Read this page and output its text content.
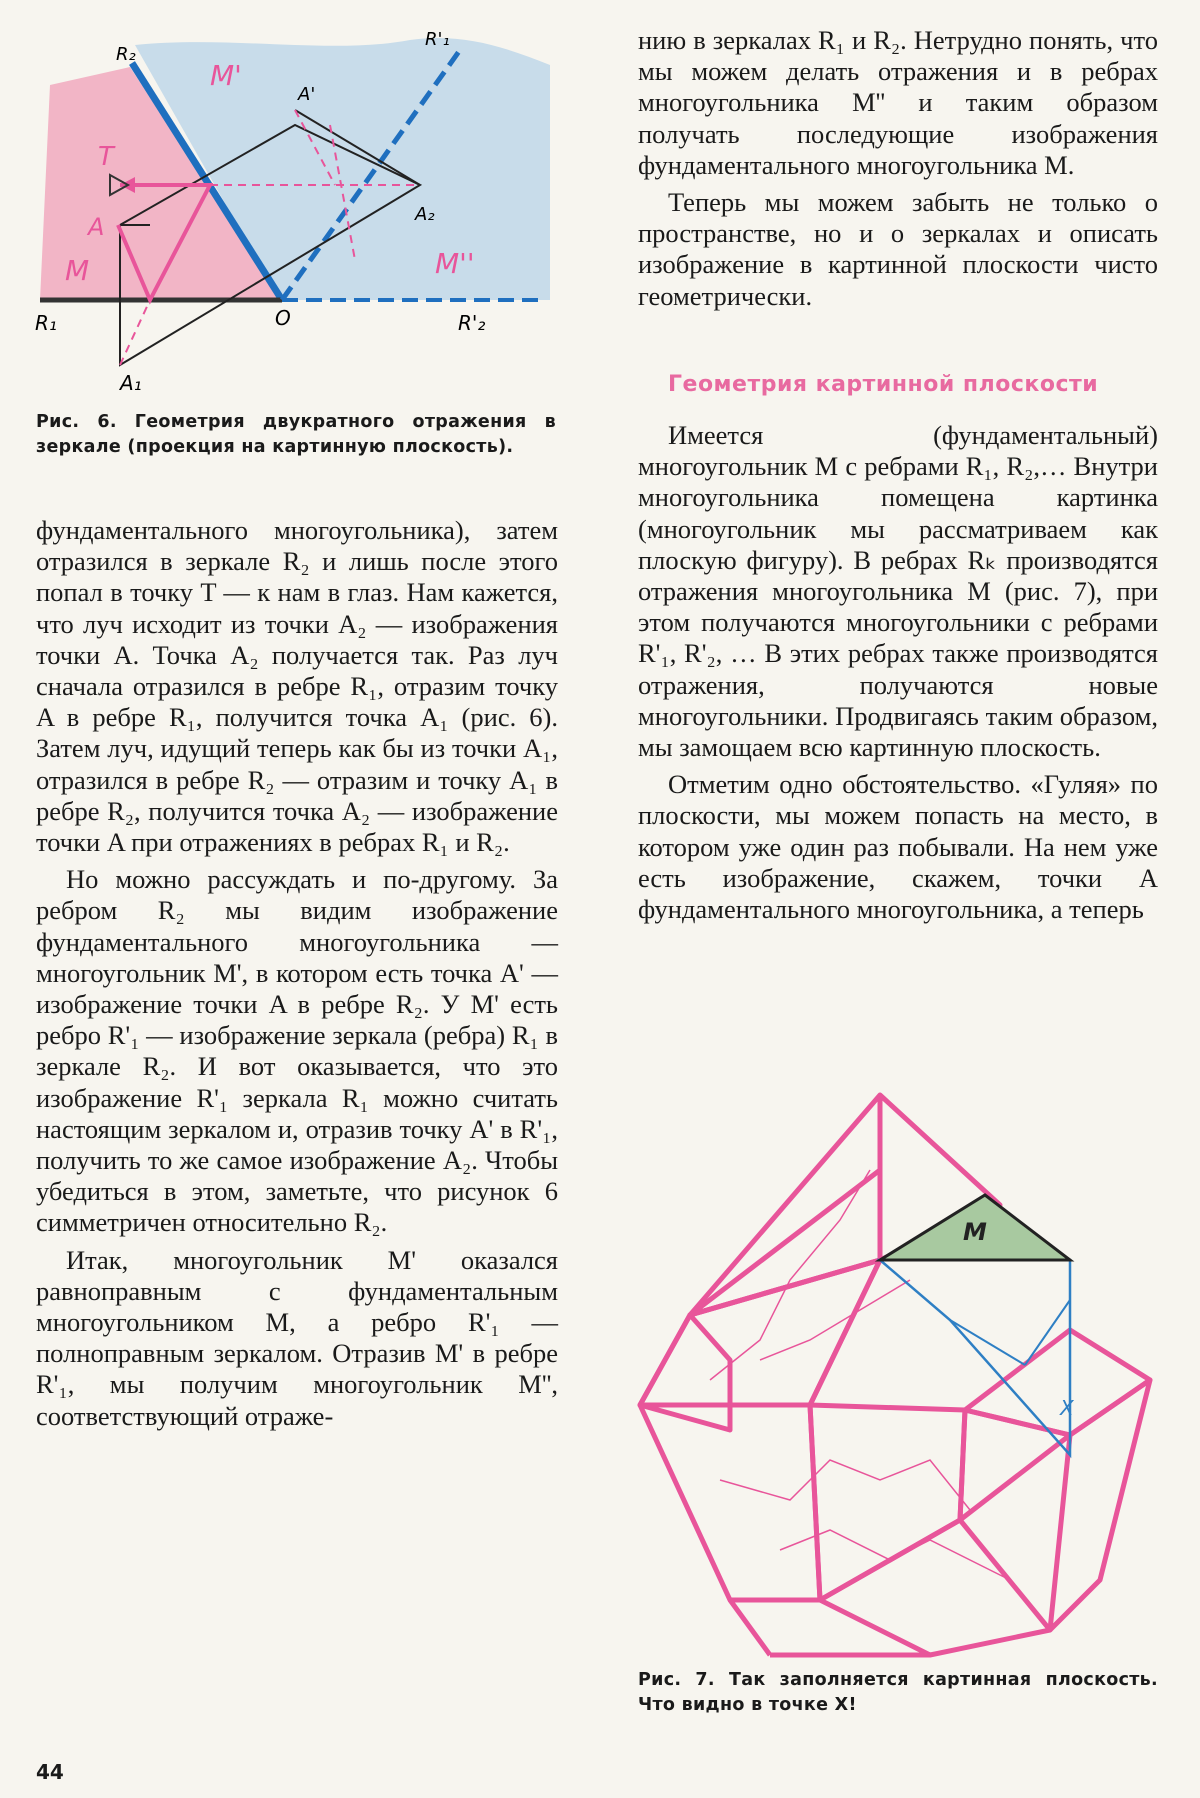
R₂
R'₁
M'
A'
T
A
M
A₂
M''
R₁	O	R'₂
A₁
Рис. 6. Геометрия двукратного отражения в зеркале (проекция на картинную плоскость).

фундаментального многоугольника), затем отразился в зеркале R₂ и лишь после этого попал в точку T — к нам в глаз. Нам кажется, что луч исходит из точки A₂ — изображения точки A. Точка A₂ получается так. Раз луч сначала отразился в ребре R₁, отразим точку A в ребре R₁, получится точка A₁ (рис. 6). Затем луч, идущий теперь как бы из точки A₁, отразился в ребре R₂ — отразим и точку A₁ в ребре R₂, получится точка A₂ — изображение точки A при отражениях в ребрах R₁ и R₂.

Но можно рассуждать и по-другому. За ребром R₂ мы видим изображение фундаментального многоугольника — многоугольник M', в котором есть точка A' — изображение точки A в ребре R₂. У M' есть ребро R'₁ — изображение зеркала (ребра) R₁ в зеркале R₂. И вот оказывается, что это изображение R'₁ зеркала R₁ можно считать настоящим зеркалом и, отразив точку A' в R'₁, получить то же самое изображение A₂. Чтобы убедиться в этом, заметьте, что рисунок 6 симметричен относительно R₂.

Итак, многоугольник M' оказался равноправным с фундаментальным многоугольником M, а ребро R'₁ — полноправным зеркалом. Отразив M' в ребре R'₁, мы получим многоугольник M'', соответствующий отраже-

44

нию в зеркалах R₁ и R₂. Нетрудно понять, что мы можем делать отражения и в ребрах многоугольника M'' и таким образом получать последующие изображения фундаментального многоугольника M.

Теперь мы можем забыть не только о пространстве, но и о зеркалах и описать изображение в картинной плоскости чисто геометрически.

Геометрия картинной плоскости

Имеется (фундаментальный) многоугольник M с ребрами R₁, R₂,… Внутри многоугольника помещена картинка (многоугольник мы рассматриваем как плоскую фигуру). В ребрах Rₖ производятся отражения многоугольника M (рис. 7), при этом получаются многоугольники с ребрами R'₁, R'₂, … В этих ребрах также производятся отражения, получаются новые многоугольники. Продвигаясь таким образом, мы замощаем всю картинную плоскость.

Отметим одно обстоятельство. «Гуляя» по плоскости, мы можем попасть на место, в котором уже один раз побывали. На нем уже есть изображение, скажем, точки A фундаментального многоугольника, а теперь

M
X
Рис. 7. Так заполняется картинная плоскость. Что видно в точке X!
